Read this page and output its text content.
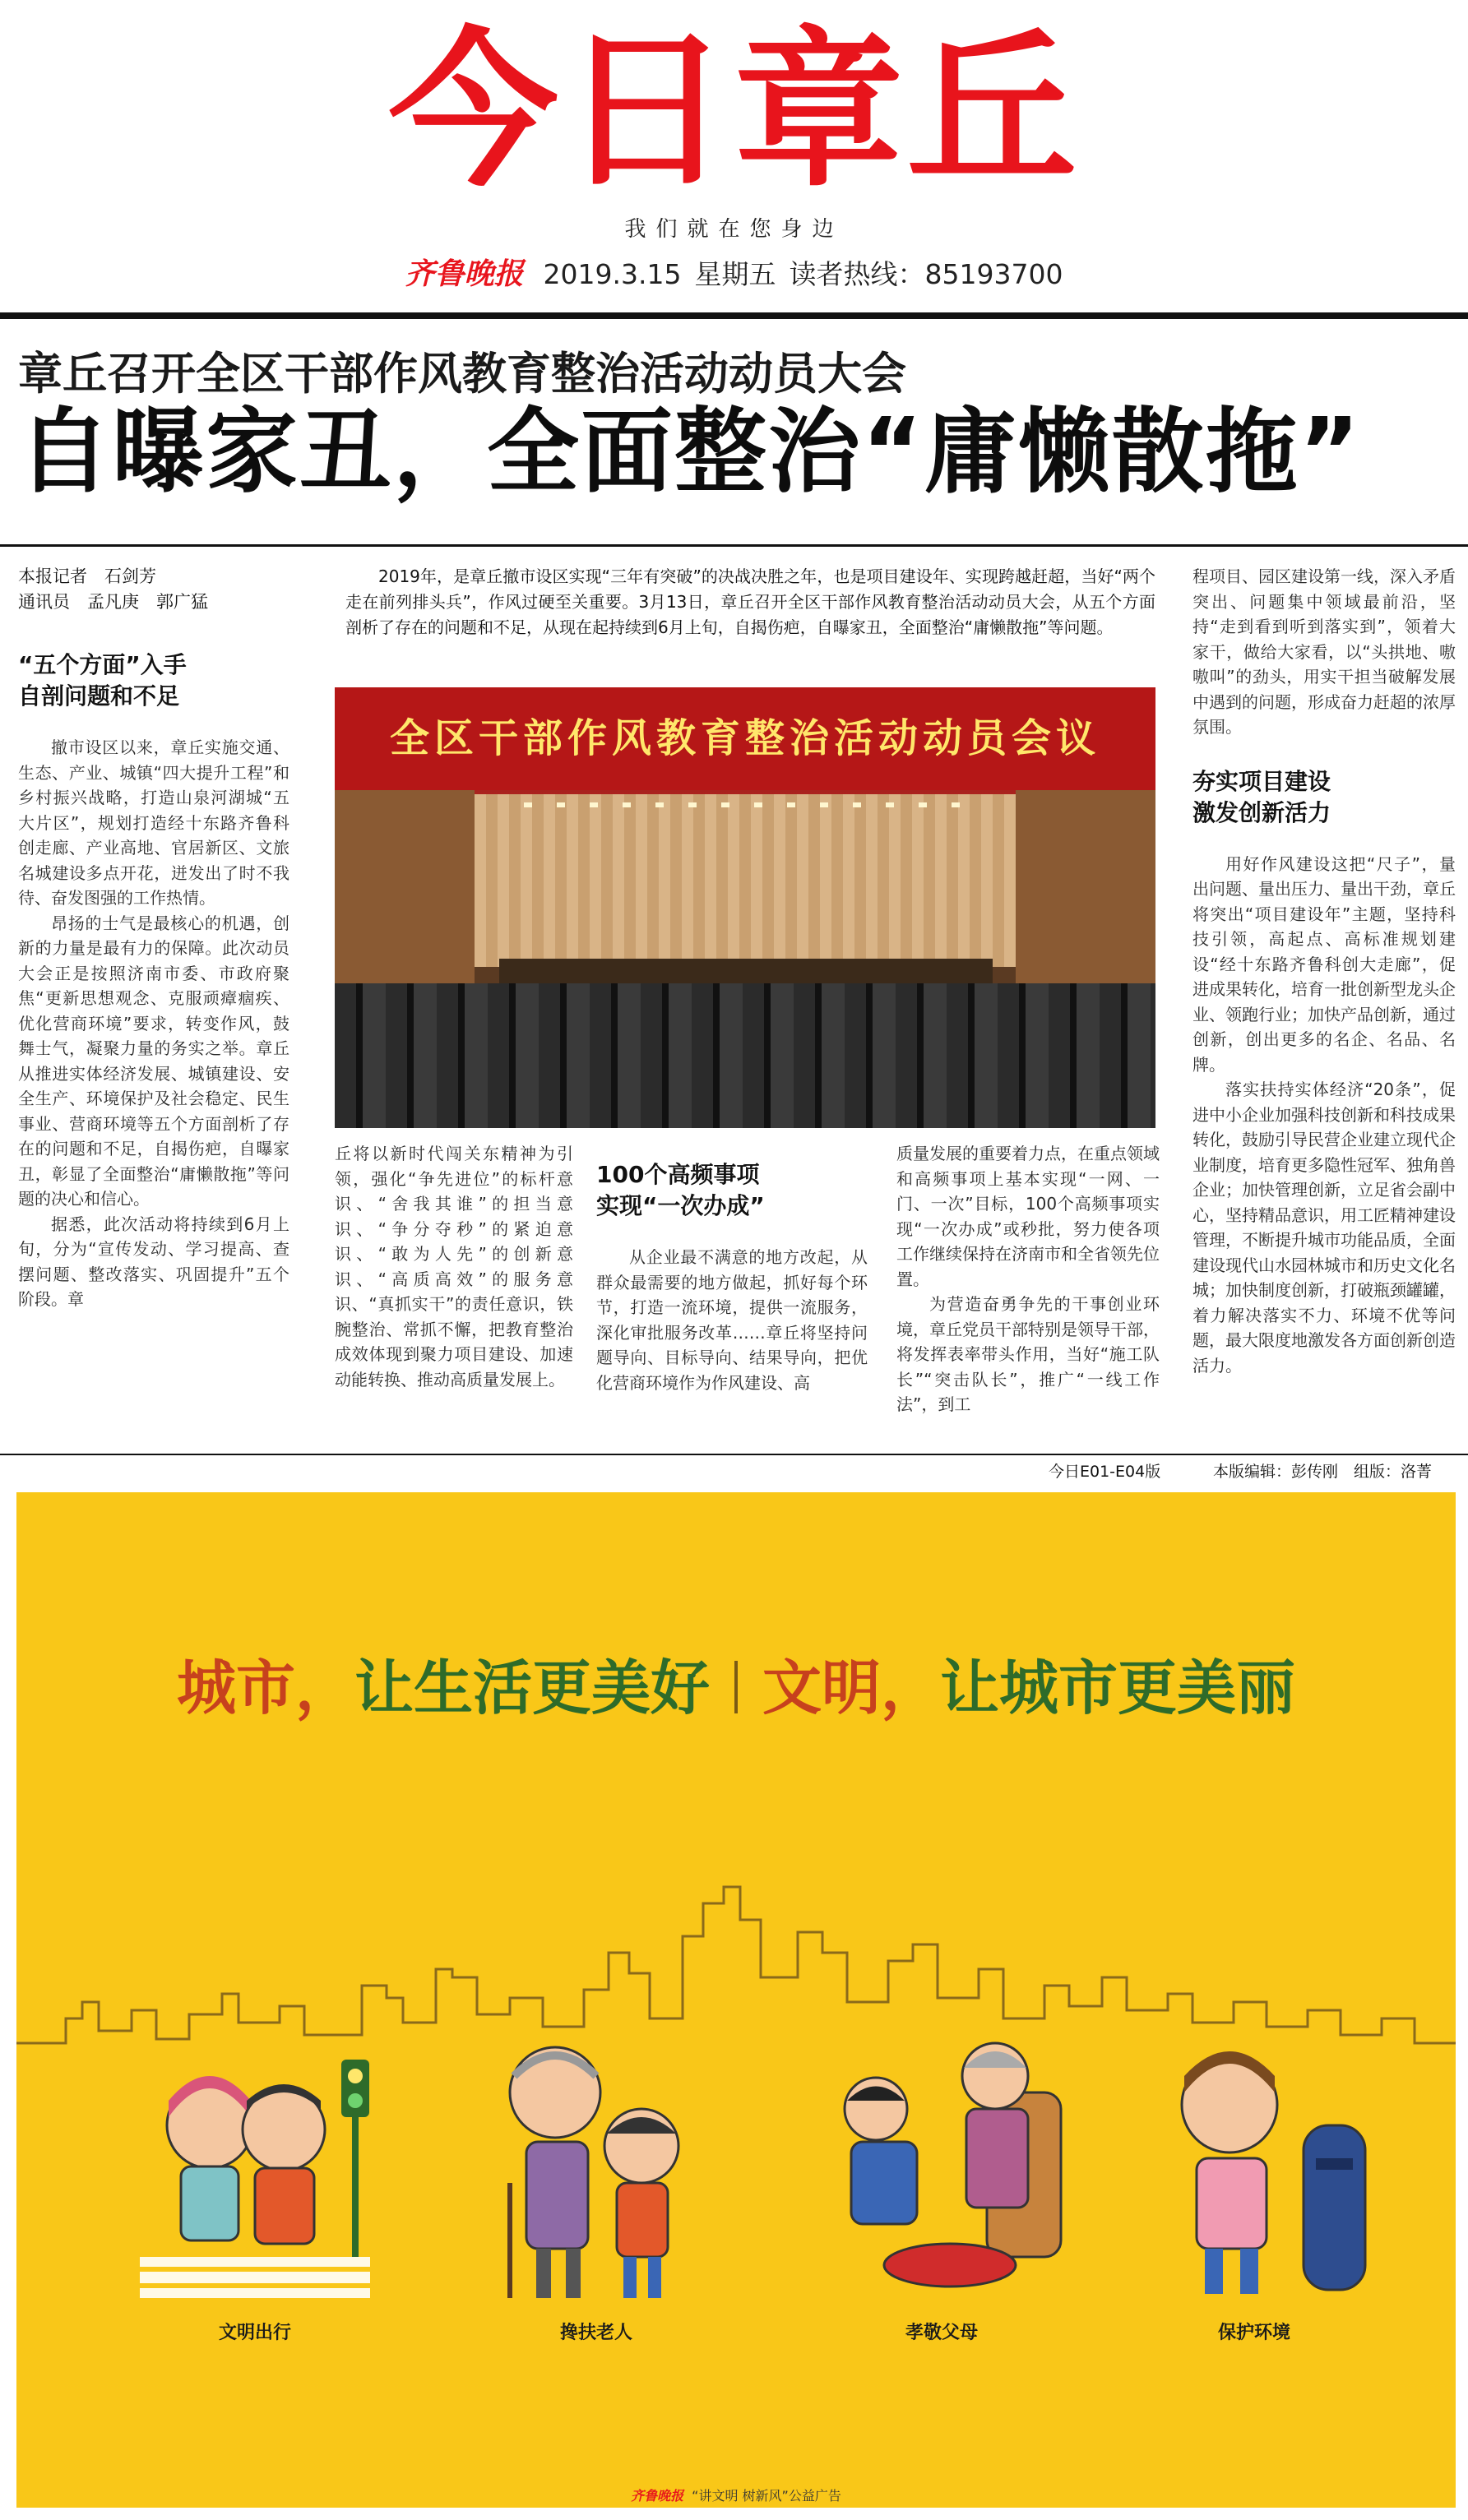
今日章丘
我们就在您身边
齐鲁晚报 2019.3.15 星期五 读者热线：85193700
章丘召开全区干部作风教育整治活动动员大会
自曝家丑，全面整治“庸懒散拖”
本报记者　石剑芳
通讯员　孟凡庚　郭广猛
“五个方面”入手
自剖问题和不足

撤市设区以来，章丘实施交通、生态、产业、城镇“四大提升工程”和乡村振兴战略，打造山泉河湖城“五大片区”，规划打造经十东路齐鲁科创走廊、产业高地、官居新区、文旅名城建设多点开花，迸发出了时不我待、奋发图强的工作热情。

昂扬的士气是最核心的机遇，创新的力量是最有力的保障。此次动员大会正是按照济南市委、市政府聚焦“更新思想观念、克服顽瘴痼疾、优化营商环境”要求，转变作风，鼓舞士气，凝聚力量的务实之举。章丘从推进实体经济发展、城镇建设、安全生产、环境保护及社会稳定、民生事业、营商环境等五个方面剖析了存在的问题和不足，自揭伤疤，自曝家丑，彰显了全面整治“庸懒散拖”等问题的决心和信心。

据悉，此次活动将持续到6月上旬，分为“宣传发动、学习提高、查摆问题、整改落实、巩固提升”五个阶段。章

2019年，是章丘撤市设区实现“三年有突破”的决战决胜之年，也是项目建设年、实现跨越赶超，当好“两个走在前列排头兵”，作风过硬至关重要。3月13日，章丘召开全区干部作风教育整治活动动员大会，从五个方面剖析了存在的问题和不足，从现在起持续到6月上旬，自揭伤疤，自曝家丑，全面整治“庸懒散拖”等问题。
全区干部作风教育整治活动动员会议

丘将以新时代闯关东精神为引领，强化“争先进位”的标杆意识、“舍我其谁”的担当意识、“争分夺秒”的紧迫意识、“敢为人先”的创新意识、“高质高效”的服务意识、“真抓实干”的责任意识，铁腕整治、常抓不懈，把教育整治成效体现到聚力项目建设、加速动能转换、推动高质量发展上。

100个高频事项
实现“一次办成”

从企业最不满意的地方改起，从群众最需要的地方做起，抓好每个环节，打造一流环境，提供一流服务，深化审批服务改革……章丘将坚持问题导向、目标导向、结果导向，把优化营商环境作为作风建设、高

质量发展的重要着力点，在重点领域和高频事项上基本实现“一网、一门、一次”目标，100个高频事项实现“一次办成”或秒批，努力使各项工作继续保持在济南市和全省领先位置。

为营造奋勇争先的干事创业环境，章丘党员干部特别是领导干部，将发挥表率带头作用，当好“施工队长”“突击队长”，推广“一线工作法”，到工

程项目、园区建设第一线，深入矛盾突出、问题集中领域最前沿，坚持“走到看到听到落实到”，领着大家干，做给大家看，以“头拱地、嗷嗷叫”的劲头，用实干担当破解发展中遇到的问题，形成奋力赶超的浓厚氛围。

夯实项目建设
激发创新活力

用好作风建设这把“尺子”，量出问题、量出压力、量出干劲，章丘将突出“项目建设年”主题，坚持科技引领，高起点、高标准规划建设“经十东路齐鲁科创大走廊”，促进成果转化，培育一批创新型龙头企业、领跑行业；加快产品创新，通过创新，创出更多的名企、名品、名牌。

落实扶持实体经济“20条”，促进中小企业加强科技创新和科技成果转化，鼓励引导民营企业建立现代企业制度，培育更多隐性冠军、独角兽企业；加快管理创新，立足省会副中心，坚持精品意识，用工匠精神建设管理，不断提升城市功能品质，全面建设现代山水园林城市和历史文化名城；加快制度创新，打破瓶颈罐罐，着力解决落实不力、环境不优等问题，最大限度地激发各方面创新创造活力。

今日E01-E04版	本版编辑：彭传刚　组版：洛菁
城市，让生活更美好 文明，让城市更美丽
文明出行	搀扶老人	孝敬父母	保护环境
齐鲁晚报 “讲文明 树新风”公益广告
